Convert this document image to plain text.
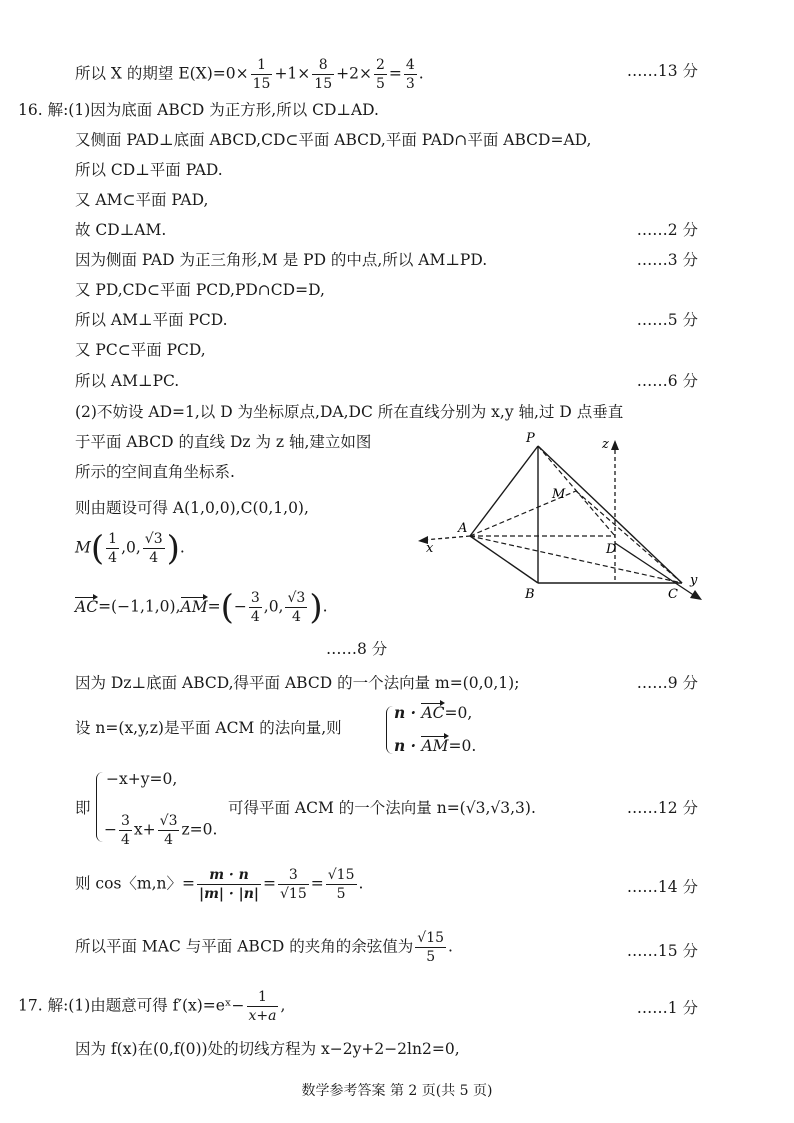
所以 X 的期望 $E(X)=0\times \frac{1}{15} +1\times \frac{8}{15} +2\times \frac{2}{5} = \frac{4}{3}$ .	……13 分
16. 解:(1)因为底面 ABCD 为正方形,所以 CD⊥AD.
又侧面 PAD⊥底面 ABCD,CD⊂平面 ABCD,平面 PAD∩平面 ABCD=AD,
所以 CD⊥平面 PAD.
又 AM⊂平面 PAD,
故 CD⊥AM.	……2 分
因为侧面 PAD 为正三角形,M 是 PD 的中点,所以 AM⊥PD.	……3 分
又 PD,CD⊂平面 PCD,PD∩CD=D,
所以 AM⊥平面 PCD.	……5 分
又 PC⊂平面 PCD,
所以 AM⊥PC.	……6 分
(2)不妨设 AD=1,以 D 为坐标原点,DA,DC 所在直线分别为 x,y 轴,过 D 点垂直
于平面 ABCD 的直线 Dz 为 z 轴,建立如图
所示的空间直角坐标系.
则由题设可得 A(1,0,0),C(0,1,0),
$M( \frac{1}{4} ,0$, $\frac{√3}{4}$ ).
$AC=(-1,1,0),AM=(- \frac{3}{4} ,0$, $\frac{√3}{4}$ ).
……8 分
P
M
A
B	C
D
x
y
z
因为 Dz⊥底面 ABCD,得平面 ABCD 的一个法向量 m=(0,0,1);	……9 分
设 n=(x,y,z)是平面 ACM 的法向量,则
n · AC=0,
n · AM=0.
即
−x+y=0,
− $\frac{3}{4} x+ \frac{√3}{4} z=0$.
可得平面 ACM 的一个法向量 n=(√3,√3,3).	……12 分
则 cos〈m,n〉= $\frac{m \cdot n}{|m| \cdot |n|} = \frac{3}{√15} = \frac{√15}{5}$ .	……14 分
所以平面 MAC 与平面 ABCD 的夹角的余弦值为 $\frac{√15}{5}$ .	……15 分
17. 解:(1)由题意可得 f′(x)=eˣ− $\frac{1}{x+a}$ ,	……1 分
因为 f(x)在(0,f(0))处的切线方程为 x−2y+2−2ln2=0,
数学参考答案 第 2 页(共 5 页)
